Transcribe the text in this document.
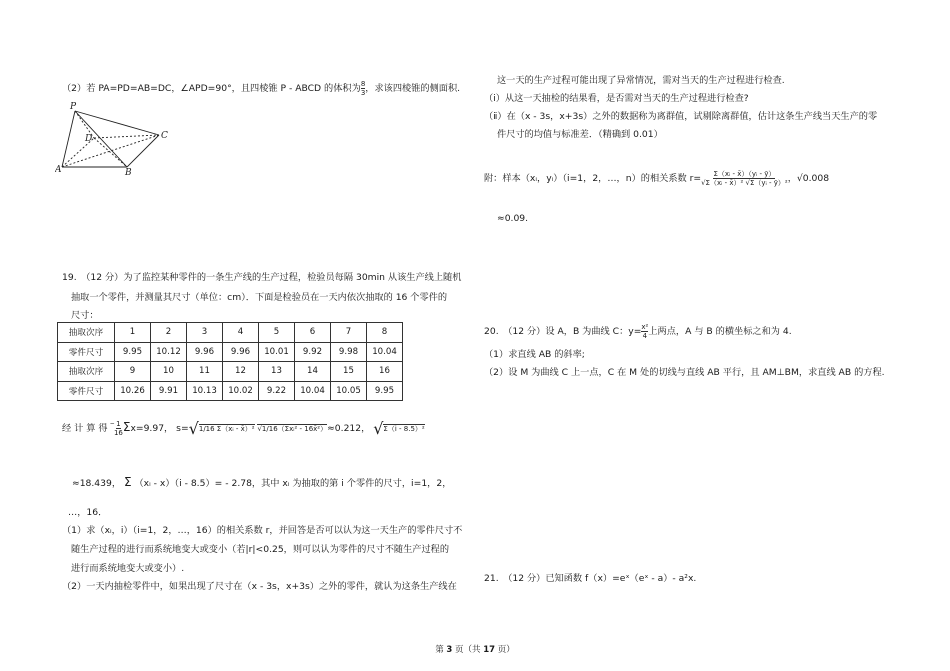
（2）若 PA=PD=AB=DC，∠APD=90°，且四棱锥 P - ABCD 的体积为 $\frac{8}{3}$ ，求该四棱锥的侧面积.
P
D	C
A	B
19.　（12 分）为了监控某种零件的一条生产线的生产过程，检验员每隔 30min 从该生产线上随机
抽取一个零件，并测量其尺寸（单位：cm）．下面是检验员在一天内依次抽取的 16 个零件的
尺寸：
抽取次序	1	2	3	4	5	6	7	8
零件尺寸	9.95	10.12	9.96	9.96	10.01	9.92	9.98	10.04
抽取次序	9	10	11	12	13	14	15	16
零件尺寸	10.26	9.91	10.13	10.02	9.22	10.04	10.05	9.95
经 计 算 得 $^‾ \frac{1}{16} \Sigma x=9.97$， s=√1/16 Σ（xᵢ - x̄）² √1/16（Σxᵢ² - 16x̄²）≈0.212， √Σ（i - 8.5）²
≈18.439， Σ （xᵢ - x）（i - 8.5）= - 2.78，其中 xᵢ 为抽取的第 i 个零件的尺寸，i=1，2，
…，16．
（1）求（xᵢ，i）（i=1，2，…，16）的相关系数 r，并回答是否可以认为这一天生产的零件尺寸不
随生产过程的进行而系统地变大或变小（若|r|<0.25，则可以认为零件的尺寸不随生产过程的
进行而系统地变大或变小）.
（2）一天内抽检零件中，如果出现了尺寸在（x - 3s，x+3s）之外的零件，就认为这条生产线在
这一天的生产过程可能出现了异常情况，需对当天的生产过程进行检查.
（ⅰ）从这一天抽检的结果看，是否需对当天的生产过程进行检查?
（ⅱ）在（x - 3s，x+3s）之外的数据称为离群值，试剔除离群值，估计这条生产线当天生产的零
件尺寸的均值与标准差．（精确到 0.01）
附：样本（xᵢ，yᵢ）（i=1，2，…，n）的相关系数 $r= \frac{\text{Σ（xᵢ - x̄）（yᵢ - ȳ）}}{\text{√Σ（xᵢ - x̄）² √Σ（yᵢ - ȳ）²}}$ ，√0.008
≈0.09.
20.　（12 分）设 A，B 为曲线 C：$y= \frac{\text{x²}}{4}$ 上两点，A 与 B 的横坐标之和为 4.
（1）求直线 AB 的斜率;
（2）设 M 为曲线 C 上一点，C 在 M 处的切线与直线 AB 平行，且 AM⊥BM，求直线 AB 的方程.
21.　（12 分）已知函数 f（x）=eˣ（eˣ - a）- a²x.
第 3 页（共 17 页）
